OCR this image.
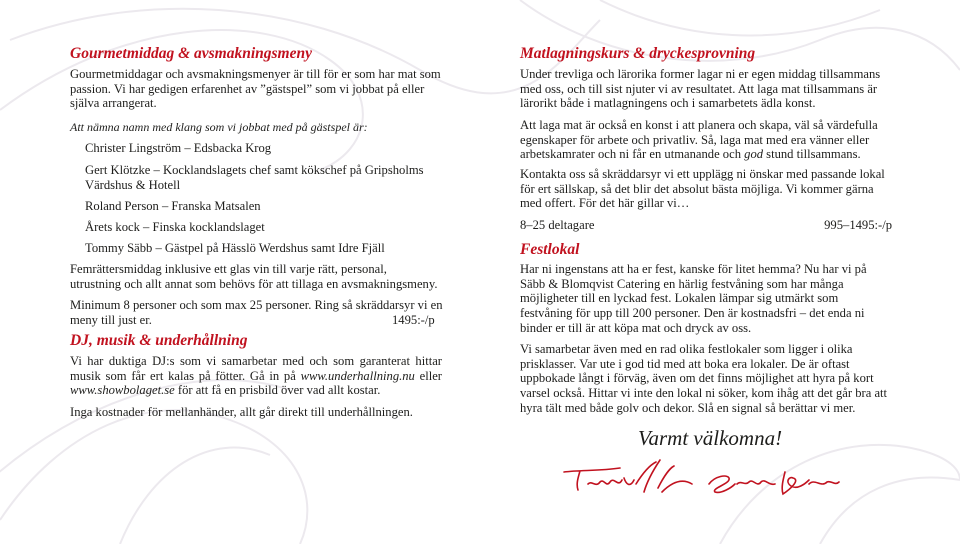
Gourmetmiddag & avsmakningsmeny

Gourmetmiddagar och avsmakningsmenyer är till för er som har mat som passion. Vi har gedigen erfarenhet av ”gästspel” som vi jobbat på eller själva arrangerat.

Att nämna namn med klang som vi jobbat med på gästspel är:

Christer Lingström – Edsbacka Krog

Gert Klötzke – Kocklandslagets chef samt kökschef på Gripsholms Värdshus & Hotell

Roland Person – Franska Matsalen

Årets kock – Finska kocklandslaget

Tommy Säbb – Gästpel på Hässlö Werdshus samt Idre Fjäll

Femrättersmiddag inklusive ett glas vin till varje rätt, personal, utrustning och allt annat som behövs för att tillaga en avsmakningsmeny.

Minimum 8 personer och som max 25 personer. Ring så skräddarsyr vi en meny till just er.	1495:-/p
DJ, musik & underhållning

Vi har duktiga DJ:s som vi samarbetar med och som garanterat hittar musik som får ert kalas på fötter. Gå in på www.underhallning.nu eller www.showbolaget.se för att få en prisbild över vad allt kostar.

Inga kostnader för mellanhänder, allt går direkt till underhållningen.

Matlagningskurs & dryckesprovning

Under trevliga och lärorika former lagar ni er egen middag tillsammans med oss, och till sist njuter vi av resultatet. Att laga mat tillsammans är lärorikt både i matlagningens och i samarbetets ädla konst.

Att laga mat är också en konst i att planera och skapa, väl så värdefulla egenskaper för arbete och privatliv. Så, laga mat med era vänner eller arbetskamrater och ni får en utmanande och god stund tillsammans.

Kontakta oss så skräddarsyr vi ett upplägg ni önskar med passande lokal för ert sällskap, så det blir det absolut bästa möjliga. Vi kommer gärna med offert. För det här gillar vi…

8–25 deltagare	995–1495:-/p
Festlokal

Har ni ingenstans att ha er fest, kanske för litet hemma? Nu har vi på Säbb & Blomqvist Catering en härlig festvåning som har många möjligheter till en lyckad fest. Lokalen lämpar sig utmärkt som festvåning för upp till 200 personer. Den är kostnadsfri – det enda ni binder er till är att köpa mat och dryck av oss.

Vi samarbetar även med en rad olika festlokaler som ligger i olika prisklasser. Var ute i god tid med att boka era lokaler. De är oftast uppbokade långt i förväg, även om det finns möjlighet att hyra på kort varsel också. Hittar vi inte den lokal ni söker, kom ihåg att det går bra att hyra tält med både golv och dekor. Slå en signal så berättar vi mer.

Varmt välkomna!
